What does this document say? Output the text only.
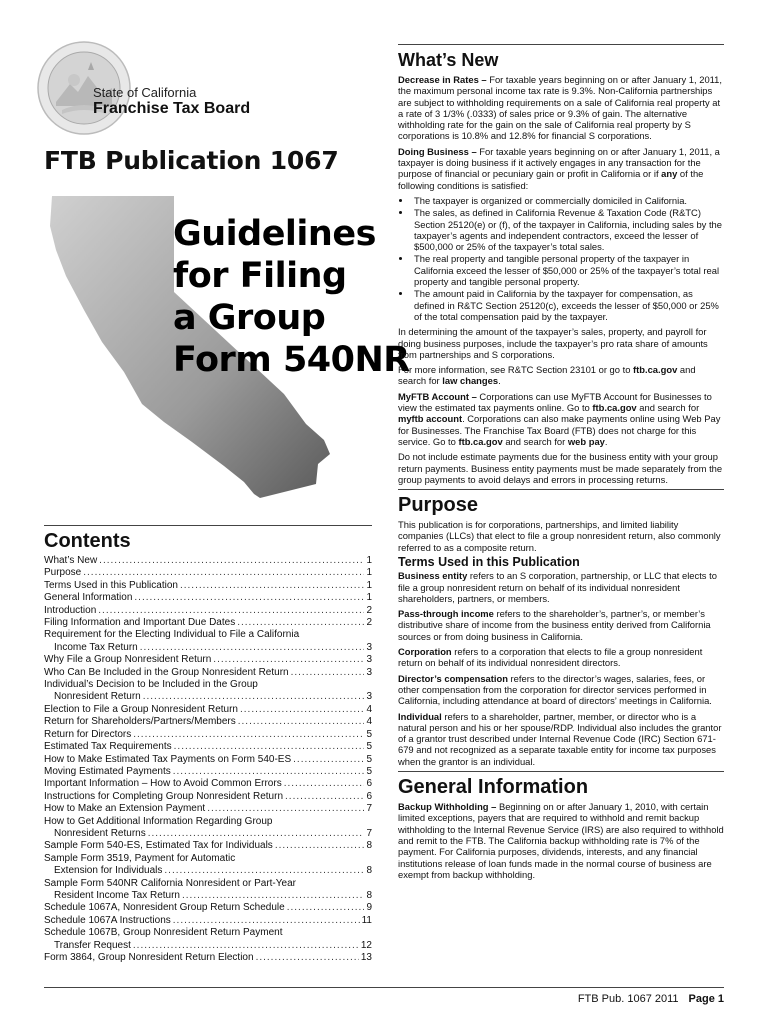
State of California
Franchise Tax Board
FTB Publication 1067
Guidelines
for Filing
a Group
Form 540NR
Contents
What’s New .....	1
Purpose .....	1
Terms Used in this Publication .....	1
General Information .....	1
Introduction .....	2
Filing Information and Important Due Dates .....	2
Requirement for the Electing Individual to File a California
Income Tax Return .....	3
Why File a Group Nonresident Return .....	3
Who Can Be Included in the Group Nonresident Return .....	3
Individual’s Decision to be Included in the Group
Nonresident Return .....	3
Election to File a Group Nonresident Return .....	4
Return for Shareholders/Partners/Members .....	4
Return for Directors .....	5
Estimated Tax Requirements .....	5
How to Make Estimated Tax Payments on Form 540-ES .....	5
Moving Estimated Payments .....	5
Important Information – How to Avoid Common Errors .....	6
Instructions for Completing Group Nonresident Return .....	6
How to Make an Extension Payment .....	7
How to Get Additional Information Regarding Group
Nonresident Returns .....	7
Sample Form 540-ES, Estimated Tax for Individuals .....	8
Sample Form 3519, Payment for Automatic
Extension for Individuals .....	8
Sample Form 540NR California Nonresident or Part-Year
Resident Income Tax Return .....	8
Schedule 1067A, Nonresident Group Return Schedule .....	9
Schedule 1067A Instructions .....	11
Schedule 1067B, Group Nonresident Return Payment
Transfer Request .....	12
Form 3864, Group Nonresident Return Election .....	13
What’s New

Decrease in Rates – For taxable years beginning on or after January 1, 2011, the maximum personal income tax rate is 9.3%. Non-California partnerships are subject to withholding requirements on a sale of California real property at a rate of 3 1/3% (.0333) of sales price or 9.3% of gain. The alternative withholding rate for the gain on the sale of California real property by S corporations is 10.8% and 12.8% for financial S corporations.

Doing Business – For taxable years beginning on or after January 1, 2011, a taxpayer is doing business if it actively engages in any transaction for the purpose of financial or pecuniary gain or profit in California or if any of the following conditions is satisfied:

• The taxpayer is organized or commercially domiciled in California.
• The sales, as defined in California Revenue & Taxation Code (R&TC) Section 25120(e) or (f), of the taxpayer in California, including sales by the taxpayer’s agents and independent contractors, exceed the lesser of $500,000 or 25% of the taxpayer’s total sales.
• The real property and tangible personal property of the taxpayer in California exceed the lesser of $50,000 or 25% of the taxpayer’s total real property and tangible personal property.
• The amount paid in California by the taxpayer for compensation, as defined in R&TC Section 25120(c), exceeds the lesser of $50,000 or 25% of the total compensation paid by the taxpayer.

In determining the amount of the taxpayer’s sales, property, and payroll for doing business purposes, include the taxpayer’s pro rata share of amounts from partnerships and S corporations.

For more information, see R&TC Section 23101 or go to ftb.ca.gov and search for law changes.

MyFTB Account – Corporations can use MyFTB Account for Businesses to view the estimated tax payments online. Go to ftb.ca.gov and search for myftb account. Corporations can also make payments online using Web Pay for Businesses. The Franchise Tax Board (FTB) does not charge for this service. Go to ftb.ca.gov and search for web pay.

Do not include estimate payments due for the business entity with your group return payments. Business entity payments must be made separately from the group payments to avoid delays and errors in processing returns.

Purpose

This publication is for corporations, partnerships, and limited liability companies (LLCs) that elect to file a group nonresident return, also commonly referred to as a composite return.

Terms Used in this Publication

Business entity refers to an S corporation, partnership, or LLC that elects to file a group nonresident return on behalf of its individual nonresident shareholders, partners, or members.

Pass-through income refers to the shareholder’s, partner’s, or member’s distributive share of income from the business entity derived from California sources or from doing business in California.

Corporation refers to a corporation that elects to file a group nonresident return on behalf of its individual nonresident directors.

Director’s compensation refers to the director’s wages, salaries, fees, or other compensation from the corporation for director services performed in California, including attendance at board of directors’ meetings in California.

Individual refers to a shareholder, partner, member, or director who is a natural person and his or her spouse/RDP. Individual also includes the grantor of a grantor trust described under Internal Revenue Code (IRC) Section 671-679 and not recognized as a separate taxable entity for income tax purposes when the grantor is an individual.

General Information

Backup Withholding – Beginning on or after January 1, 2010, with certain limited exceptions, payers that are required to withhold and remit backup withholding to the Internal Revenue Service (IRS) are also required to withhold and remit to the FTB. The California backup withholding rate is 7% of the payment. For California purposes, dividends, interests, and any financial institutions release of loan funds made in the normal course of business are exempt from backup withholding.

FTB Pub. 1067 2011 Page 1
